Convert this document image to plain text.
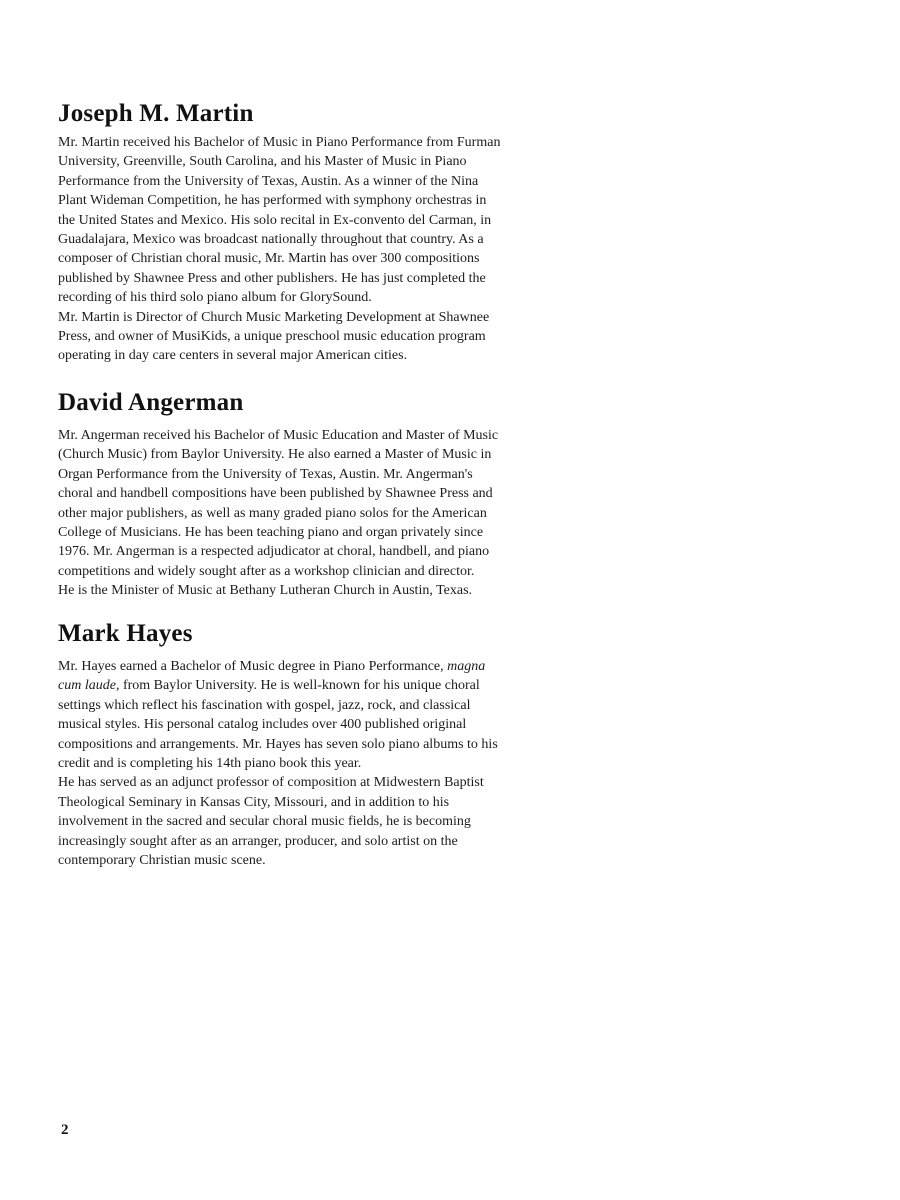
Joseph M. Martin

Mr. Martin received his Bachelor of Music in Piano Performance from Furman
University, Greenville, South Carolina, and his Master of Music in Piano
Performance from the University of Texas, Austin. As a winner of the Nina
Plant Wideman Competition, he has performed with symphony orchestras in
the United States and Mexico. His solo recital in Ex-convento del Carman, in
Guadalajara, Mexico was broadcast nationally throughout that country. As a
composer of Christian choral music, Mr. Martin has over 300 compositions
published by Shawnee Press and other publishers. He has just completed the
recording of his third solo piano album for GlorySound.

Mr. Martin is Director of Church Music Marketing Development at Shawnee
Press, and owner of MusiKids, a unique preschool music education program
operating in day care centers in several major American cities.

David Angerman

Mr. Angerman received his Bachelor of Music Education and Master of Music
(Church Music) from Baylor University. He also earned a Master of Music in
Organ Performance from the University of Texas, Austin. Mr. Angerman's
choral and handbell compositions have been published by Shawnee Press and
other major publishers, as well as many graded piano solos for the American
College of Musicians. He has been teaching piano and organ privately since
1976. Mr. Angerman is a respected adjudicator at choral, handbell, and piano
competitions and widely sought after as a workshop clinician and director.
He is the Minister of Music at Bethany Lutheran Church in Austin, Texas.

Mark Hayes

Mr. Hayes earned a Bachelor of Music degree in Piano Performance, magna
cum laude, from Baylor University. He is well-known for his unique choral
settings which reflect his fascination with gospel, jazz, rock, and classical
musical styles. His personal catalog includes over 400 published original
compositions and arrangements. Mr. Hayes has seven solo piano albums to his
credit and is completing his 14th piano book this year.

He has served as an adjunct professor of composition at Midwestern Baptist
Theological Seminary in Kansas City, Missouri, and in addition to his
involvement in the sacred and secular choral music fields, he is becoming
increasingly sought after as an arranger, producer, and solo artist on the
contemporary Christian music scene.

2
